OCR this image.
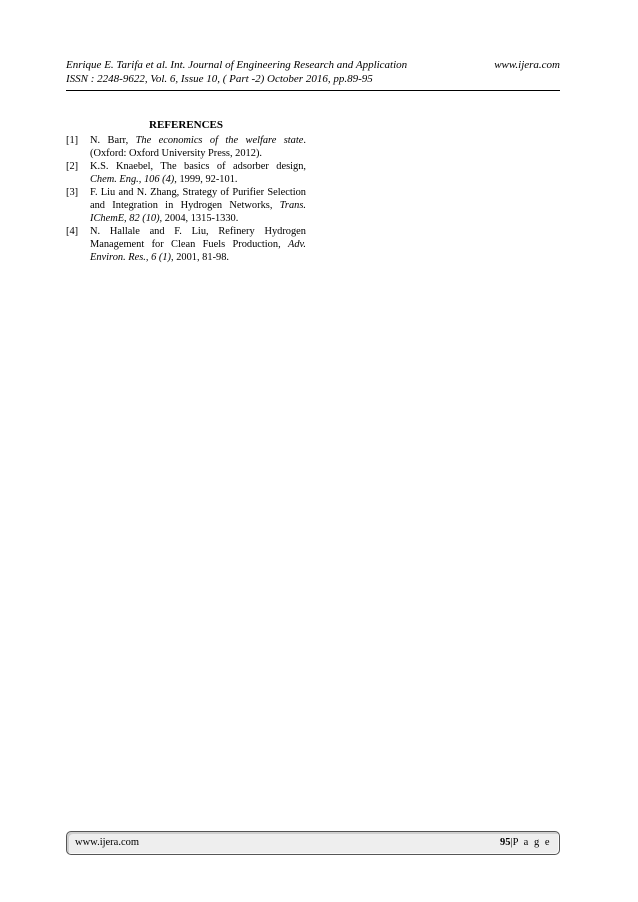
Enrique E. Tarifa et al. Int. Journal of Engineering Research and Application	www.ijera.com
ISSN : 2248-9622, Vol. 6, Issue 10, ( Part -2) October 2016, pp.89-95
REFERENCES
[1]	N. Barr, The economics of the welfare state. (Oxford: Oxford University Press, 2012).
[2]	K.S. Knaebel, The basics of adsorber design, Chem. Eng., 106 (4), 1999, 92-101.
[3]	F. Liu and N. Zhang, Strategy of Purifier Selection and Integration in Hydrogen Networks, Trans. IChemE, 82 (10), 2004, 1315-1330.
[4]	N. Hallale and F. Liu, Refinery Hydrogen Management for Clean Fuels Production, Adv. Environ. Res., 6 (1), 2001, 81-98.
www.ijera.com	95|P a g e
